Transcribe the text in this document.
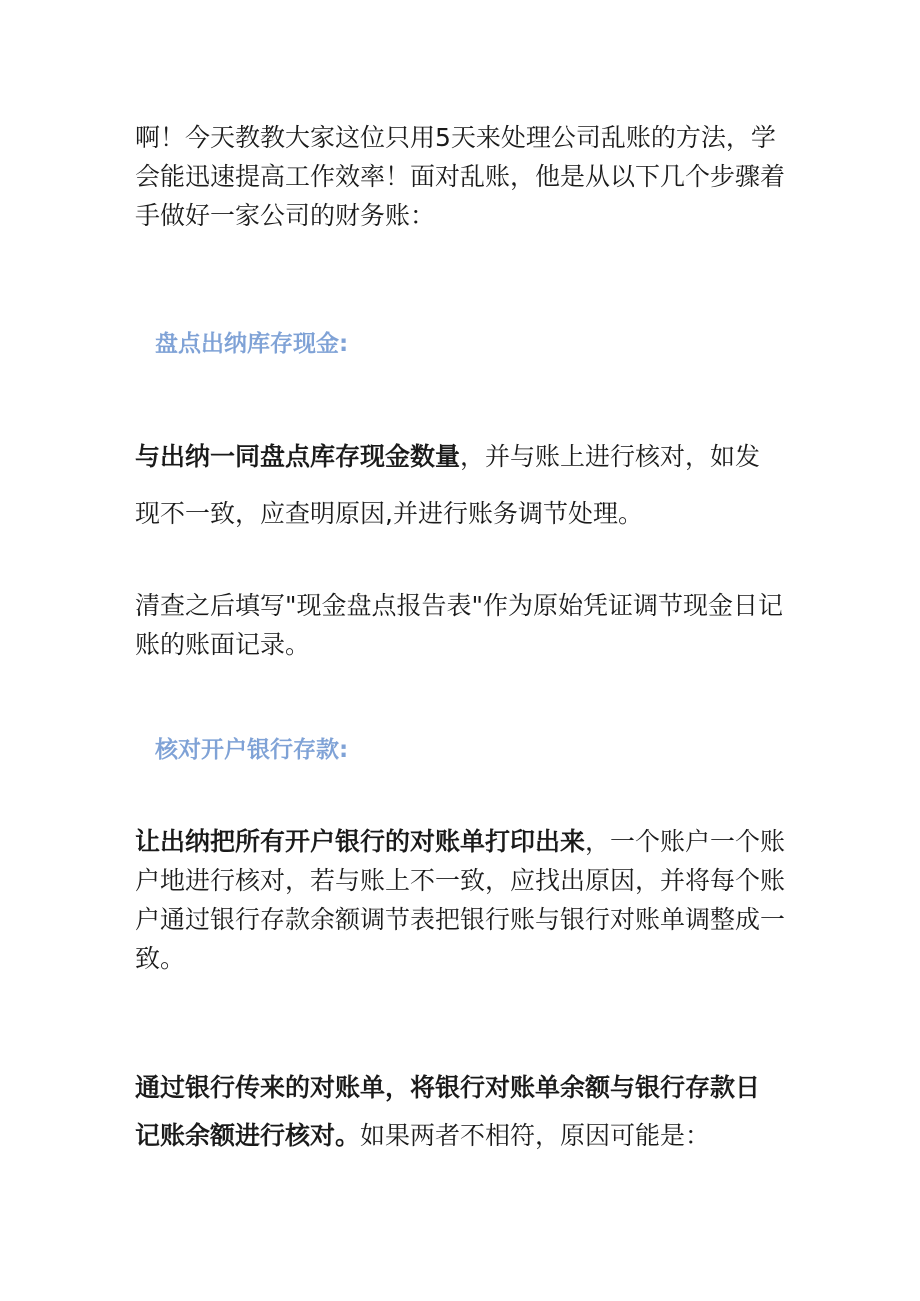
啊！今天教教大家这位只用5天来处理公司乱账的方法，学
会能迅速提高工作效率！面对乱账，他是从以下几个步骤着
手做好一家公司的财务账：
盘点出纳库存现金:
与出纳一同盘点库存现金数量，并与账上进行核对，如发
现不一致，应查明原因,并进行账务调节处理。
清查之后填写"现金盘点报告表"作为原始凭证调节现金日记
账的账面记录。
核对开户银行存款:
让出纳把所有开户银行的对账单打印出来，一个账户一个账
户地进行核对，若与账上不一致，应找出原因，并将每个账
户通过银行存款余额调节表把银行账与银行对账单调整成一
致。
通过银行传来的对账单，将银行对账单余额与银行存款日
记账余额进行核对。如果两者不相符，原因可能是：
